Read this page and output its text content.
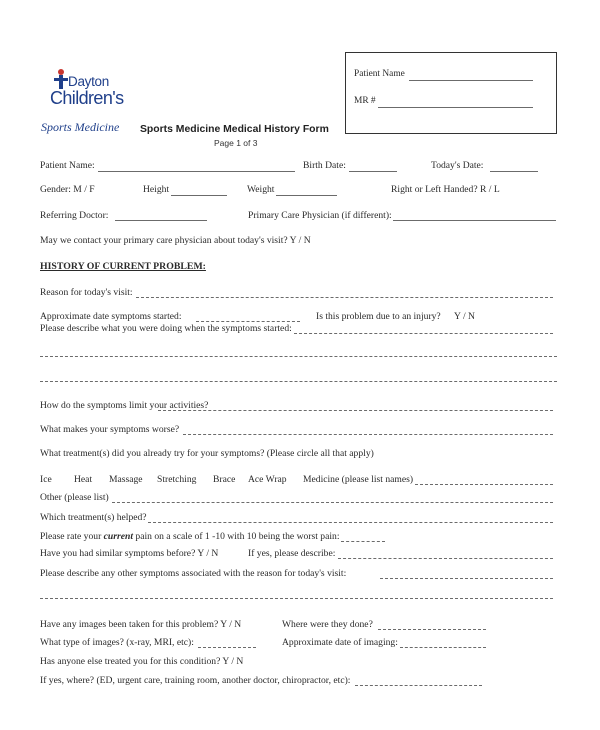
Dayton
Children's
Sports Medicine Sports Medicine Medical History Form
Page 1 of 3
Patient Name
MR #
Patient Name:	Birth Date:	Today's Date:
Gender: M / F	Height	Weight	Right or Left Handed? R / L
Referring Doctor:	Primary Care Physician (if different):
May we contact your primary care physician about today's visit? Y / N
HISTORY OF CURRENT PROBLEM:
Reason for today's visit:
Approximate date symptoms started:	Is this problem due to an injury? Y / N
Please describe what you were doing when the symptoms started:
How do the symptoms limit your activities?
What makes your symptoms worse?
What treatment(s) did you already try for your symptoms? (Please circle all that apply)
Ice Heat Massage Stretching Brace Ace Wrap Medicine (please list names)
Other (please list)
Which treatment(s) helped?
Please rate your current pain on a scale of 1 -10 with 10 being the worst pain:
Have you had similar symptoms before? Y / N	If yes, please describe:
Please describe any other symptoms associated with the reason for today's visit:
Have any images been taken for this problem? Y / N	Where were they done?
What type of images? (x-ray, MRI, etc):	Approximate date of imaging:
Has anyone else treated you for this condition? Y / N
If yes, where? (ED, urgent care, training room, another doctor, chiropractor, etc):
